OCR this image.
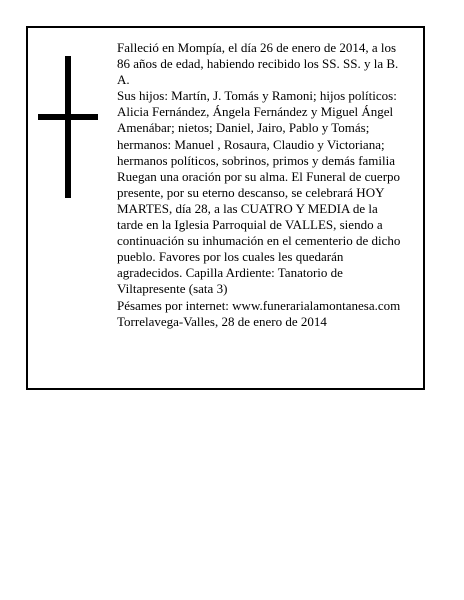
Falleció en Mompía, el día 26 de enero de 2014, a los
86 años de edad, habiendo recibido los SS. SS. y la B.
A.
Sus hijos: Martín, J. Tomás y Ramoni; hijos políticos:
Alicia Fernández, Ángela Fernández y Miguel Ángel
Amenábar; nietos; Daniel, Jairo, Pablo y Tomás;
hermanos: Manuel , Rosaura, Claudio y Victoriana;
hermanos políticos, sobrinos, primos y demás familia
Ruegan una oración por su alma. El Funeral de cuerpo
presente, por su eterno descanso, se celebrará HOY
MARTES, día 28, a las CUATRO Y MEDIA de la
tarde en la Iglesia Parroquial de VALLES, siendo a
continuación su inhumación en el cementerio de dicho
pueblo. Favores por los cuales les quedarán
agradecidos. Capilla Ardiente: Tanatorio de
Viltapresente (sata 3)
Pésames por internet: www.funerarialamontanesa.com
Torrelavega-Valles, 28 de enero de 2014
